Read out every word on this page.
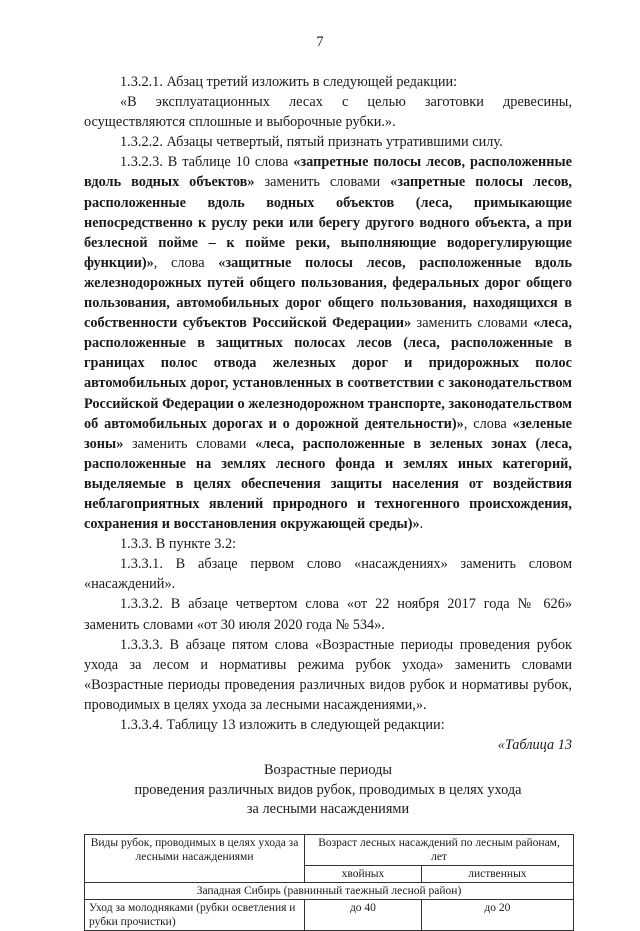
7

1.3.2.1. Абзац третий изложить в следующей редакции:

«В эксплуатационных лесах с целью заготовки древесины, осуществляются сплошные и выборочные рубки.».

1.3.2.2. Абзацы четвертый, пятый признать утратившими силу.

1.3.2.3. В таблице 10 слова «запретные полосы лесов, расположенные вдоль водных объектов» заменить словами «запретные полосы лесов, расположенные вдоль водных объектов (леса, примыкающие непосредственно к руслу реки или берегу другого водного объекта, а при безлесной пойме – к пойме реки, выполняющие водорегулирующие функции)», слова «защитные полосы лесов, расположенные вдоль железнодорожных путей общего пользования, федеральных дорог общего пользования, автомобильных дорог общего пользования, находящихся в собственности субъектов Российской Федерации» заменить словами «леса, расположенные в защитных полосах лесов (леса, расположенные в границах полос отвода железных дорог и придорожных полос автомобильных дорог, установленных в соответствии с законодательством Российской Федерации о железнодорожном транспорте, законодательством об автомобильных дорогах и о дорожной деятельности)», слова «зеленые зоны» заменить словами «леса, расположенные в зеленых зонах (леса, расположенные на землях лесного фонда и землях иных категорий, выделяемые в целях обеспечения защиты населения от воздействия неблагоприятных явлений природного и техногенного происхождения, сохранения и восстановления окружающей среды)».

1.3.3. В пункте 3.2:

1.3.3.1. В абзаце первом слово «насаждениях» заменить словом «насаждений».

1.3.3.2. В абзаце четвертом слова «от 22 ноября 2017 года № 626» заменить словами «от 30 июля 2020 года № 534».

1.3.3.3. В абзаце пятом слова «Возрастные периоды проведения рубок ухода за лесом и нормативы режима рубок ухода» заменить словами «Возрастные периоды проведения различных видов рубок и нормативы рубок, проводимых в целях ухода за лесными насаждениями,».

1.3.3.4. Таблицу 13 изложить в следующей редакции:

«Таблица 13

Возрастные периоды
проведения различных видов рубок, проводимых в целях ухода
за лесными насаждениями
Виды рубок, проводимых в целях ухода за лесными насаждениями	Возраст лесных насаждений по лесным районам, лет	
	хвойных	лиственных
Западная Сибирь (равнинный таежный лесной район)		
Уход за молодняками (рубки осветления и рубки прочистки)	до 40	до 20
